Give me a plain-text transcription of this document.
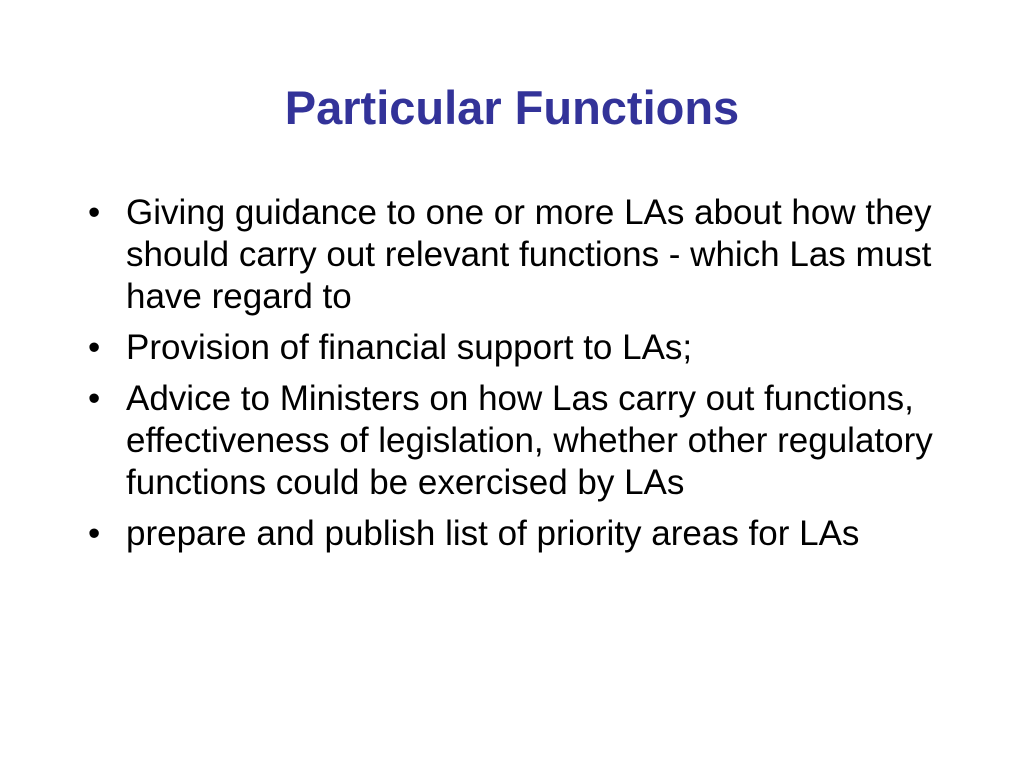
Particular Functions
• Giving guidance to one or more LAs about how they should carry out relevant functions - which Las must have regard to
• Provision of financial support to LAs;
• Advice to Ministers on how Las carry out functions, effectiveness of legislation, whether other regulatory functions could be exercised by LAs
• prepare and publish list of priority areas for LAs
